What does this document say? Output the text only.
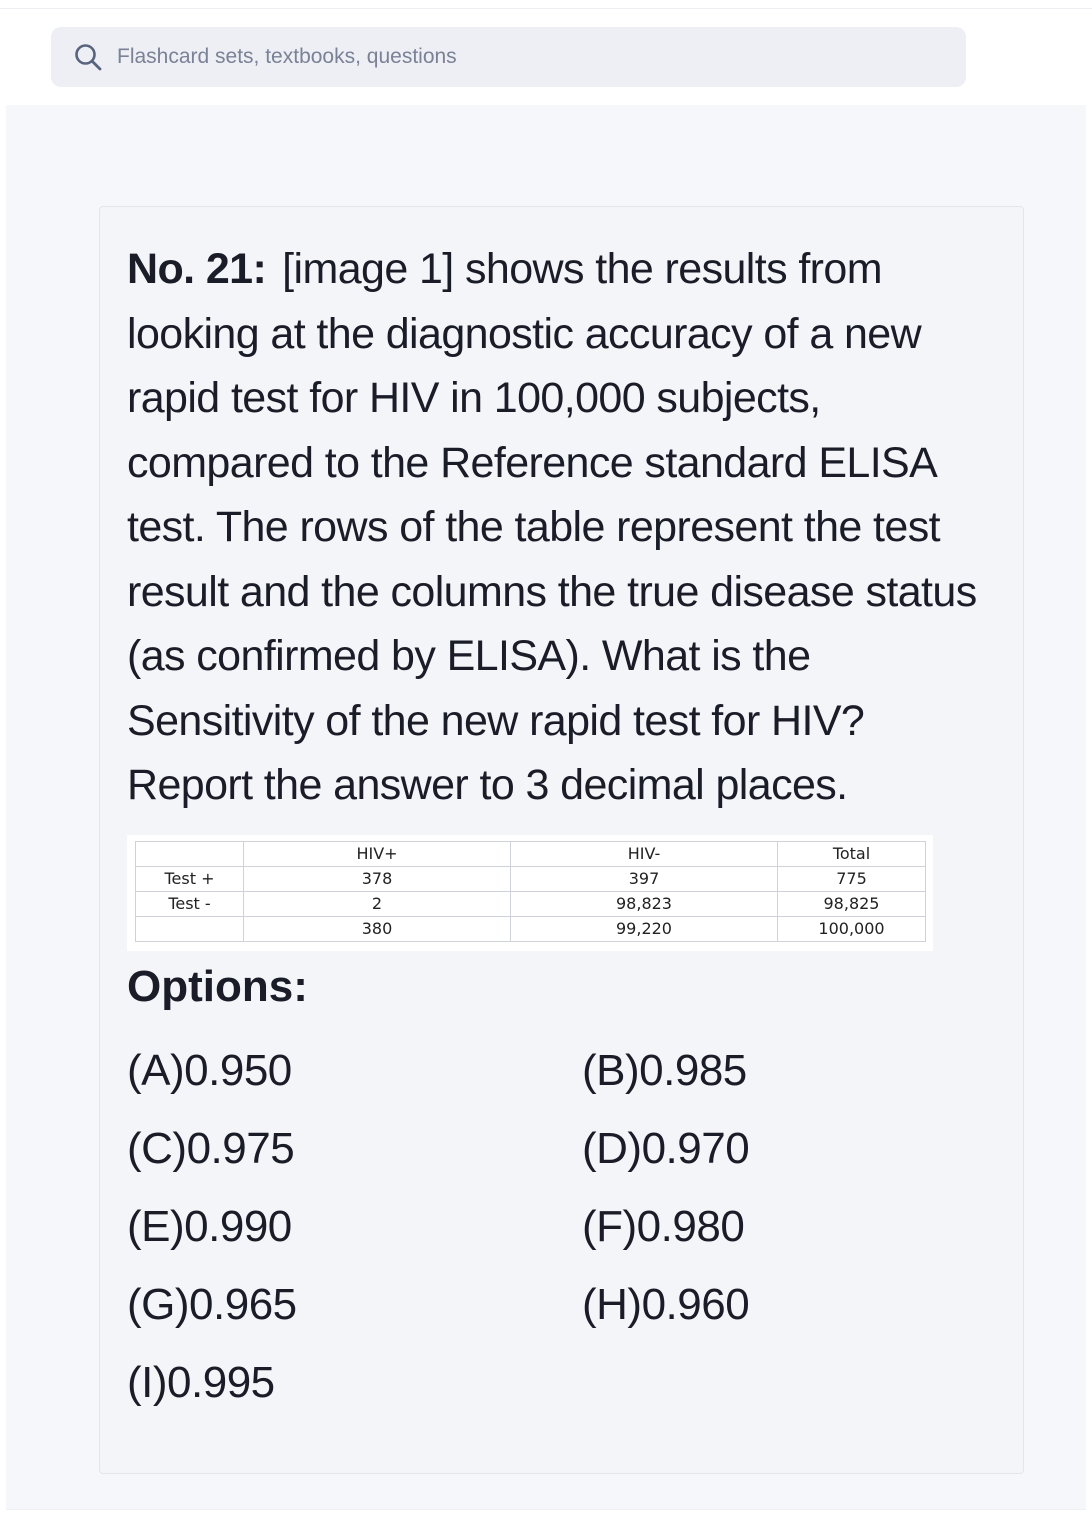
Flashcard sets, textbooks, questions
No. 21: [image 1] shows the results from looking at the diagnostic accuracy of a new rapid test for HIV in 100,000 subjects, compared to the Reference standard ELISA test. The rows of the table represent the test result and the columns the true disease status (as confirmed by ELISA). What is the Sensitivity of the new rapid test for HIV? Report the answer to 3 decimal places.
	HIV+	HIV-	Total
Test +	378	397	775
Test -	2	98,823	98,825
	380	99,220	100,000
Options:
(A)0.950	(B)0.985
(C)0.975	(D)0.970
(E)0.990	(F)0.980
(G)0.965	(H)0.960
(I)0.995
